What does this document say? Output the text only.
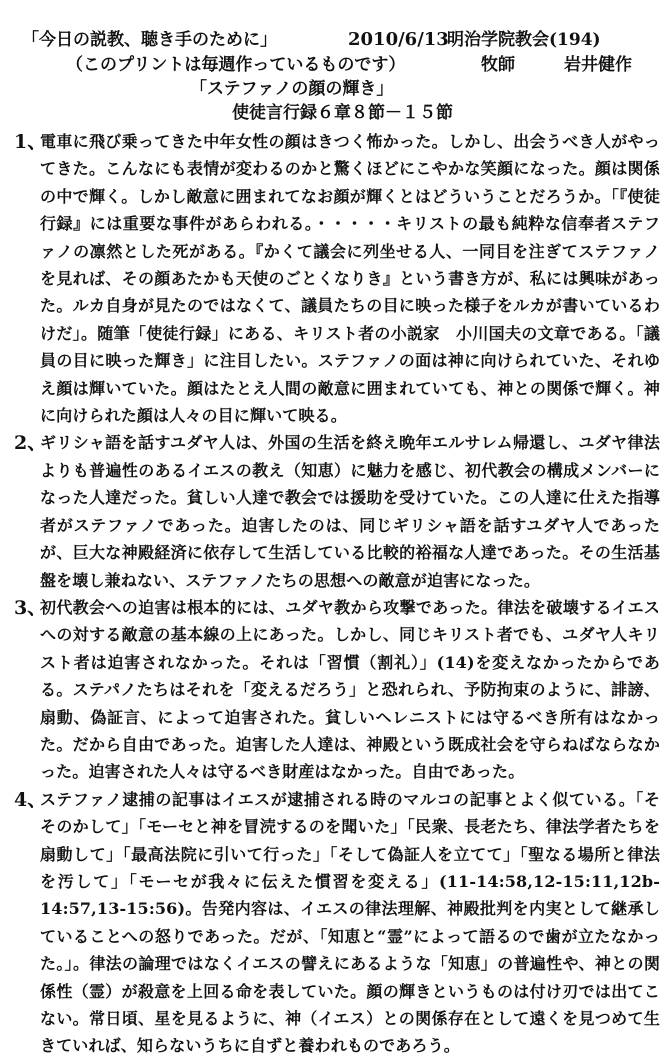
「今日の説教、聴き手のために」	2010/6/13
明治学院教会(194)
（このプリントは毎週作っているものです）	牧師	岩井健作
「ステファノの顔の輝き」
使徒言行録６章８節－１５節
1、
電車に飛び乗ってきた中年女性の顔はきつく怖かった。しかし、出会うべき人がやってきた。こんなにも表情が変わるのかと驚くほどにこやかな笑顔になった。顔は関係の中で輝く。しかし敵意に囲まれてなお顔が輝くとはどういうことだろうか。「『使徒行録』には重要な事件があらわれる。・・・・・キリストの最も純粋な信奉者ステファノの凛然とした死がある。『かくて議会に列坐せる人、一同目を注ぎてステファノを見れば、その顔あたかも天使のごとくなりき』という書き方が、私には興味があった。ルカ自身が見たのではなくて、議員たちの目に映った様子をルカが書いているわけだ」。随筆「使徒行録」にある、キリスト者の小説家　小川国夫の文章である。「議員の目に映った輝き」に注目したい。ステファノの面は神に向けられていた、それゆえ顔は輝いていた。顔はたとえ人間の敵意に囲まれていても、神との関係で輝く。神に向けられた顔は人々の目に輝いて映る。
2、
ギリシャ語を話すユダヤ人は、外国の生活を終え晩年エルサレム帰還し、ユダヤ律法よりも普遍性のあるイエスの教え（知恵）に魅力を感じ、初代教会の構成メンバーになった人達だった。貧しい人達で教会では援助を受けていた。この人達に仕えた指導者がステファノであった。迫害したのは、同じギリシャ語を話すユダヤ人であったが、巨大な神殿経済に依存して生活している比較的裕福な人達であった。その生活基盤を壊し兼ねない、ステファノたちの思想への敵意が迫害になった。
3、
初代教会への迫害は根本的には、ユダヤ教から攻撃であった。律法を破壊するイエスへの対する敵意の基本線の上にあった。しかし、同じキリスト者でも、ユダヤ人キリスト者は迫害されなかった。それは「習慣（割礼）」(14)を変えなかったからである。ステパノたちはそれを「変えるだろう」と恐れられ、予防拘束のように、誹謗、扇動、偽証言、によって迫害された。貧しいヘレニストには守るべき所有はなかった。だから自由であった。迫害した人達は、神殿という既成社会を守らねばならなかった。迫害された人々は守るべき財産はなかった。自由であった。
4、
ステファノ逮捕の記事はイエスが逮捕される時のマルコの記事とよく似ている。「そそのかして」「モーセと神を冒涜するのを聞いた」「民衆、長老たち、律法学者たちを扇動して」「最高法院に引いて行った」「そして偽証人を立てて」「聖なる場所と律法を汚して」「モーセが我々に伝えた慣習を変える」(11-14:58,12-15:11,12b-14:57,13-15:56)。告発内容は、イエスの律法理解、神殿批判を内実として継承していることへの怒りであった。だが、「知恵と“霊”によって語るので歯が立たなかった。」。律法の論理ではなくイエスの譬えにあるような「知恵」の普遍性や、神との関係性（霊）が殺意を上回る命を表していた。顔の輝きというものは付け刃では出てこない。常日頃、星を見るように、神（イエス）との関係存在として遠くを見つめて生きていれば、知らないうちに自ずと養われものであろう。
